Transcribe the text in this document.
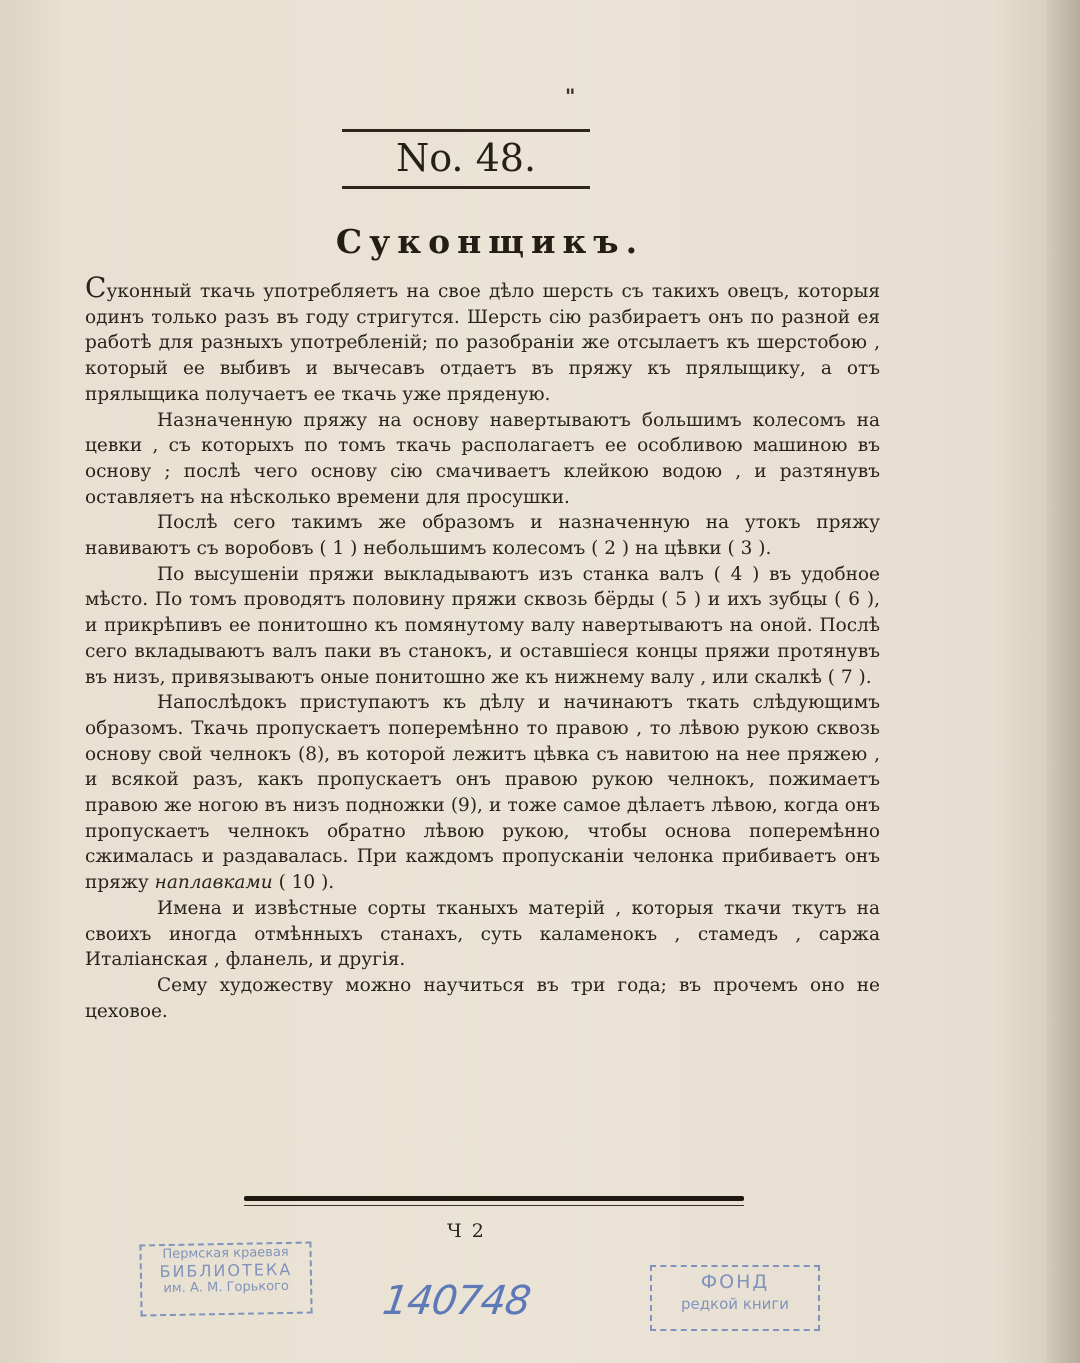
"
No. 48.
Суконщикъ.

Суконный ткачь употребляетъ на свое дѣло шерсть съ такихъ овецъ, которыя одинъ только разъ въ году стригутся. Шерсть сію разбираетъ онъ по разной ея работѣ для разныхъ употребленій; по разобраніи же отсылаетъ къ шерстобою , который ее выбивъ и вычесавъ отдаетъ въ пряжу къ прялыщику, а отъ прялыщика получаетъ ее ткачь уже пряденую.

Назначенную пряжу на основу навертываютъ большимъ колесомъ на цевки , съ которыхъ по томъ ткачь располагаетъ ее особливою машиною въ основу ; послѣ чего основу сію смачиваетъ клейкою водою , и разтянувъ оставляетъ на нѣсколько времени для просушки.

Послѣ сего такимъ же образомъ и назначенную на утокъ пряжу навиваютъ съ воробовъ ( 1 ) небольшимъ колесомъ ( 2 ) на цѣвки ( 3 ).

По высушеніи пряжи выкладываютъ изъ станка валъ ( 4 ) въ удобное мѣсто. По томъ проводятъ половину пряжи сквозь бёрды ( 5 ) и ихъ зубцы ( 6 ), и прикрѣпивъ ее понитошно къ помянутому валу навертываютъ на оной. Послѣ сего вкладываютъ валъ паки въ станокъ, и оставшіеся концы пряжи протянувъ въ низъ, привязываютъ оные понитошно же къ нижнему валу , или скалкѣ ( 7 ).

Напослѣдокъ приступаютъ къ дѣлу и начинаютъ ткать слѣдующимъ образомъ. Ткачь пропускаетъ поперемѣнно то правою , то лѣвою рукою сквозь основу свой челнокъ (8), въ которой лежитъ цѣвка съ навитою на нее пряжею , и всякой разъ, какъ пропускаетъ онъ правою рукою челнокъ, пожимаетъ правою же ногою въ низъ подножки (9), и тоже самое дѣлаетъ лѣвою, когда онъ пропускаетъ челнокъ обратно лѣвою рукою, чтобы основа поперемѣнно сжималась и раздавалась. При каждомъ пропусканіи челонка прибиваетъ онъ пряжу наплавками ( 10 ).

Имена и извѣстные сорты тканыхъ матерій , которыя ткачи ткутъ на своихъ иногда отмѣнныхъ станахъ, суть каламенокъ , стамедъ , саржа Италіанская , фланель, и другія.

Сему художеству можно научиться въ три года; въ прочемъ оно не цеховое.

Ч 2
Пермская краевая
БИБЛИОТЕКА
им. А. М. Горького	140748	ФОНД
редкой книги
